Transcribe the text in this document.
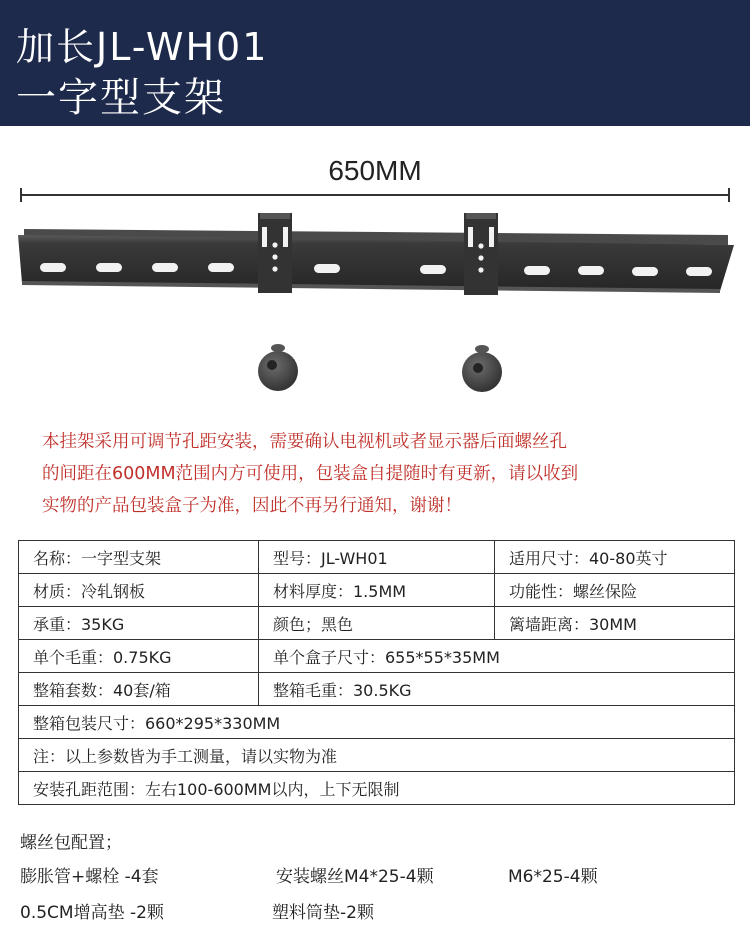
加长JL-WH01
一字型支架
650MM
本挂架采用可调节孔距安装，需要确认电视机或者显示器后面螺丝孔
的间距在600MM范围内方可使用，包装盒自提随时有更新，请以收到
实物的产品包装盒子为准，因此不再另行通知，谢谢！
名称：一字型支架	型号：JL-WH01	适用尺寸：40-80英寸
材质：冷轧钢板	材料厚度：1.5MM	功能性：螺丝保险
承重：35KG	颜色；黑色	篱墙距离：30MM
单个毛重：0.75KG	单个盒子尺寸：655*55*35MM	
整箱套数：40套/箱	整箱毛重：30.5KG	
整箱包装尺寸：660*295*330MM		
注：以上参数皆为手工测量，请以实物为准		
安装孔距范围：左右100-600MM以内，上下无限制		
螺丝包配置；
膨胀管+螺栓 -4套	安装螺丝M4*25-4颗	M6*25-4颗
0.5CM增高垫 -2颗	塑料筒垫-2颗
